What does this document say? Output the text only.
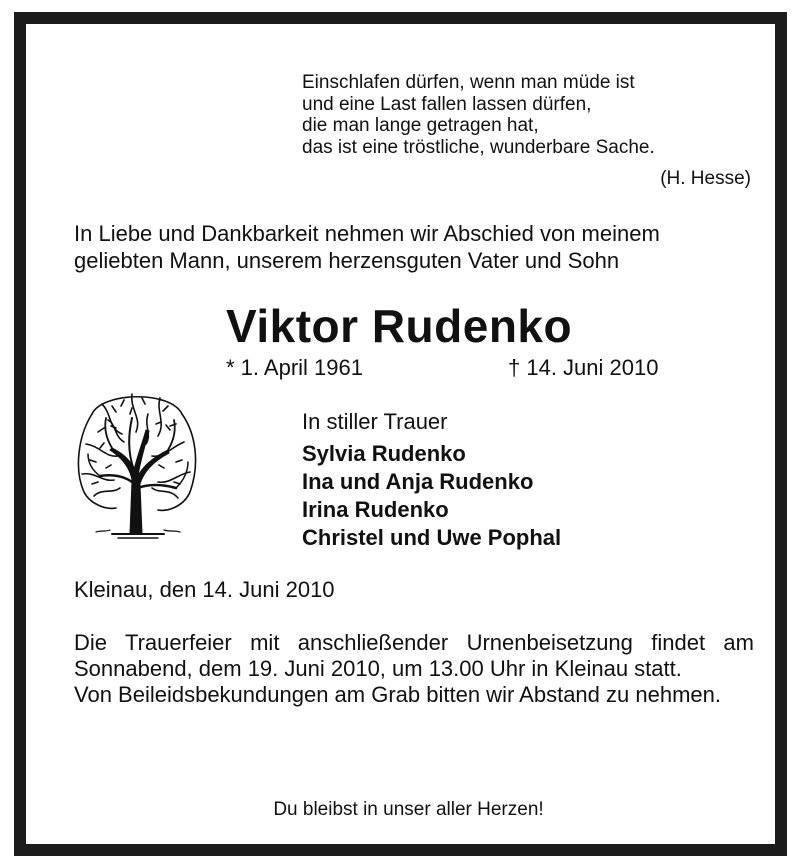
Einschlafen dürfen, wenn man müde ist
und eine Last fallen lassen dürfen,
die man lange getragen hat,
das ist eine tröstliche, wunderbare Sache.
(H. Hesse)
In Liebe und Dankbarkeit nehmen wir Abschied von meinem
geliebten Mann, unserem herzensguten Vater und Sohn
Viktor Rudenko
* 1. April 1961	† 14. Juni 2010
In stiller Trauer
Sylvia Rudenko
Ina und Anja Rudenko
Irina Rudenko
Christel und Uwe Pophal
Kleinau, den 14. Juni 2010

Die Trauerfeier mit anschließender Urnenbeisetzung findet am Sonnabend, dem 19. Juni 2010, um 13.00 Uhr in Kleinau statt.

Von Beileidsbekundungen am Grab bitten wir Abstand zu nehmen.

Du bleibst in unser aller Herzen!
